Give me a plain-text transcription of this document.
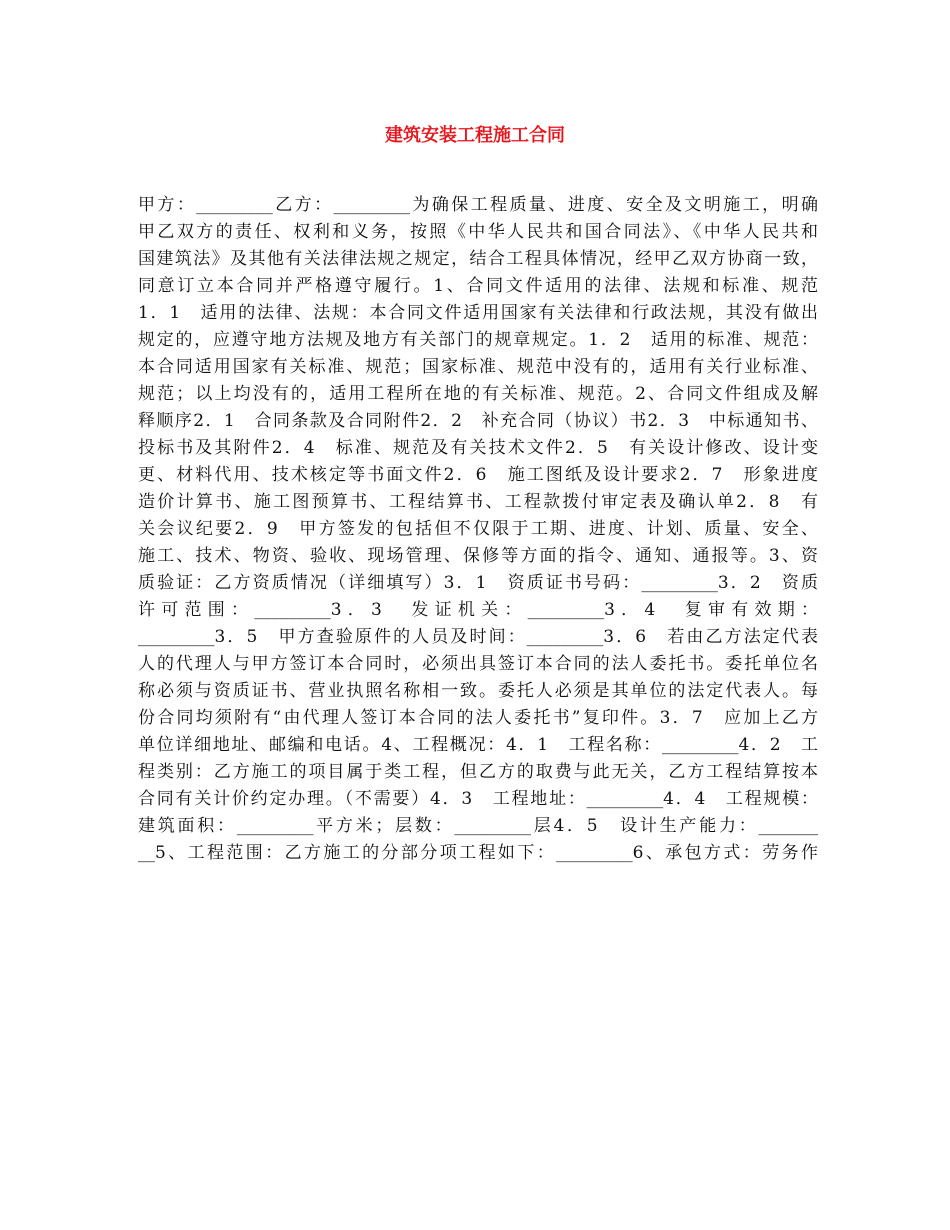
建筑安装工程施工合同
甲方：_________乙方：_________为确保工程质量、进度、安全及文明施工，明确
甲乙双方的责任、权利和义务，按照《中华人民共和国合同法》、《中华人民共和
国建筑法》及其他有关法律法规之规定，结合工程具体情况，经甲乙双方协商一致，
同意订立本合同并严格遵守履行。1、合同文件适用的法律、法规和标准、规范
1．1　适用的法律、法规：本合同文件适用国家有关法律和行政法规，其没有做出
规定的，应遵守地方法规及地方有关部门的规章规定。1．2　适用的标准、规范：
本合同适用国家有关标准、规范；国家标准、规范中没有的，适用有关行业标准、
规范；以上均没有的，适用工程所在地的有关标准、规范。2、合同文件组成及解
释顺序2．1　合同条款及合同附件2．2　补充合同（协议）书2．3　中标通知书、
投标书及其附件2．4　标准、规范及有关技术文件2．5　有关设计修改、设计变
更、材料代用、技术核定等书面文件2．6　施工图纸及设计要求2．7　形象进度
造价计算书、施工图预算书、工程结算书、工程款拨付审定表及确认单2．8　有
关会议纪要2．9　甲方签发的包括但不仅限于工期、进度、计划、质量、安全、
施工、技术、物资、验收、现场管理、保修等方面的指令、通知、通报等。3、资
质验证：乙方资质情况（详细填写）3．1　资质证书号码：_________3．2　资质
许可范围：_________3．3　发证机关：_________3．4　复审有效期：
_________3．5　甲方查验原件的人员及时间：_________3．6　若由乙方法定代表
人的代理人与甲方签订本合同时，必须出具签订本合同的法人委托书。委托单位名
称必须与资质证书、营业执照名称相一致。委托人必须是其单位的法定代表人。每
份合同均须附有“由代理人签订本合同的法人委托书”复印件。3．7　应加上乙方
单位详细地址、邮编和电话。4、工程概况：4．1　工程名称：_________4．2　工
程类别：乙方施工的项目属于类工程，但乙方的取费与此无关，乙方工程结算按本
合同有关计价约定办理。（不需要）4．3　工程地址：_________4．4　工程规模：
建筑面积：_________平方米；层数：_________层4．5　设计生产能力：_______
__5、工程范围：乙方施工的分部分项工程如下：_________6、承包方式：劳务作
